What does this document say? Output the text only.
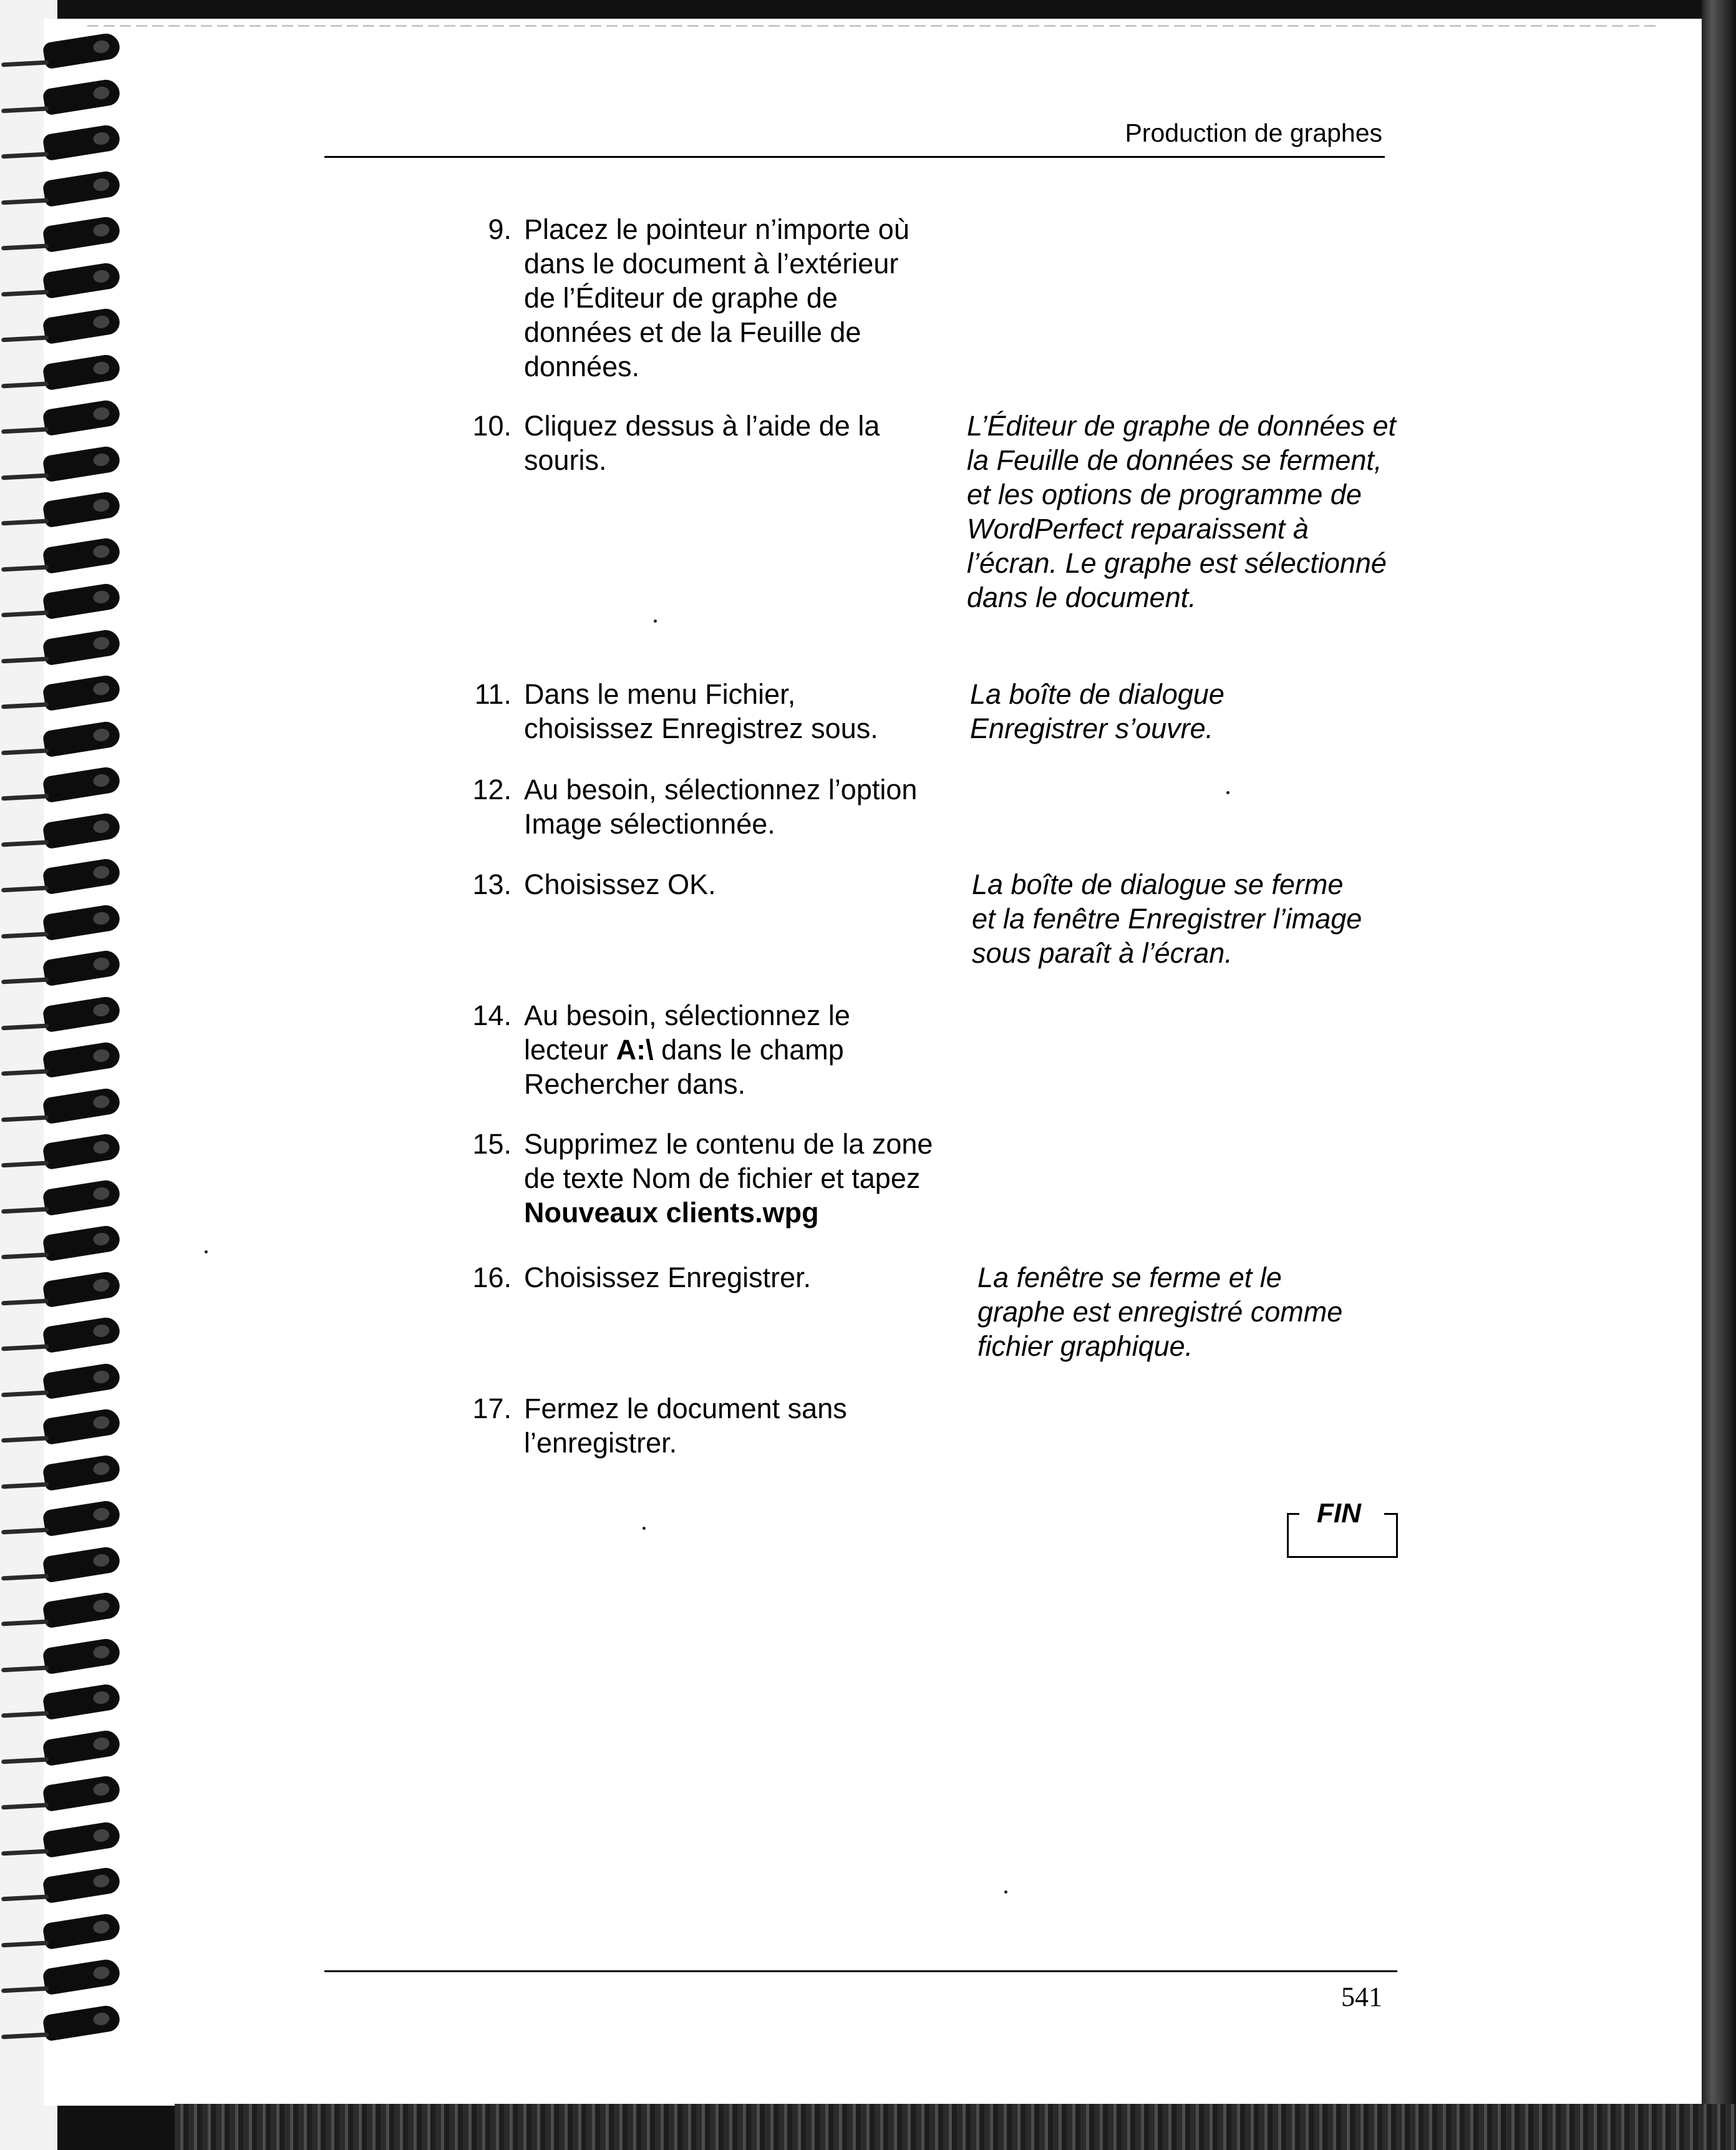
Production de graphes
9. Placez le pointeur n’importe où dans le document à l’extérieur de l’Éditeur de graphe de données et de la Feuille de données.
10. Cliquez dessus à l’aide de la souris.
L’Éditeur de graphe de données et la Feuille de données se ferment, et les options de programme de WordPerfect reparaissent à l’écran. Le graphe est sélectionné dans le document.
11. Dans le menu Fichier, choisissez Enregistrez sous.
La boîte de dialogue Enregistrer s’ouvre.
12. Au besoin, sélectionnez l’option Image sélectionnée.
13. Choisissez OK.	La boîte de dialogue se ferme et la fenêtre Enregistrer l’image sous paraît à l’écran.
14. Au besoin, sélectionnez le lecteur A:\ dans le champ Rechercher dans.
15. Supprimez le contenu de la zone de texte Nom de fichier et tapez Nouveaux clients.wpg
16. Choisissez Enregistrer.	La fenêtre se ferme et le graphe est enregistré comme fichier graphique.
17. Fermez le document sans l’enregistrer.
FIN
541
